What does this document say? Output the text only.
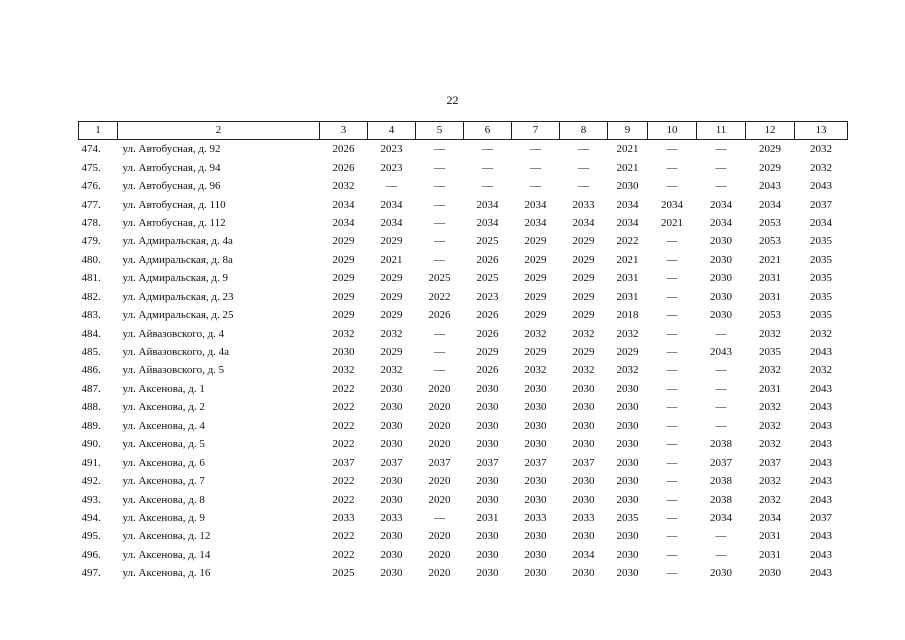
22
1	2	3	4	5	6	7	8	9	10	11	12	13
474.	ул. Автобусная, д. 92	2026	2023	—	—	—	—	2021	—	—	2029	2032
475.	ул. Автобусная, д. 94	2026	2023	—	—	—	—	2021	—	—	2029	2032
476.	ул. Автобусная, д. 96	2032	—	—	—	—	—	2030	—	—	2043	2043
477.	ул. Автобусная, д. 110	2034	2034	—	2034	2034	2033	2034	2034	2034	2034	2037
478.	ул. Автобусная, д. 112	2034	2034	—	2034	2034	2034	2034	2021	2034	2053	2034
479.	ул. Адмиральская, д. 4а	2029	2029	—	2025	2029	2029	2022	—	2030	2053	2035
480.	ул. Адмиральская, д. 8а	2029	2021	—	2026	2029	2029	2021	—	2030	2021	2035
481.	ул. Адмиральская, д. 9	2029	2029	2025	2025	2029	2029	2031	—	2030	2031	2035
482.	ул. Адмиральская, д. 23	2029	2029	2022	2023	2029	2029	2031	—	2030	2031	2035
483.	ул. Адмиральская, д. 25	2029	2029	2026	2026	2029	2029	2018	—	2030	2053	2035
484.	ул. Айвазовского, д. 4	2032	2032	—	2026	2032	2032	2032	—	—	2032	2032
485.	ул. Айвазовского, д. 4а	2030	2029	—	2029	2029	2029	2029	—	2043	2035	2043
486.	ул. Айвазовского, д. 5	2032	2032	—	2026	2032	2032	2032	—	—	2032	2032
487.	ул. Аксенова, д. 1	2022	2030	2020	2030	2030	2030	2030	—	—	2031	2043
488.	ул. Аксенова, д. 2	2022	2030	2020	2030	2030	2030	2030	—	—	2032	2043
489.	ул. Аксенова, д. 4	2022	2030	2020	2030	2030	2030	2030	—	—	2032	2043
490.	ул. Аксенова, д. 5	2022	2030	2020	2030	2030	2030	2030	—	2038	2032	2043
491.	ул. Аксенова, д. 6	2037	2037	2037	2037	2037	2037	2030	—	2037	2037	2043
492.	ул. Аксенова, д. 7	2022	2030	2020	2030	2030	2030	2030	—	2038	2032	2043
493.	ул. Аксенова, д. 8	2022	2030	2020	2030	2030	2030	2030	—	2038	2032	2043
494.	ул. Аксенова, д. 9	2033	2033	—	2031	2033	2033	2035	—	2034	2034	2037
495.	ул. Аксенова, д. 12	2022	2030	2020	2030	2030	2030	2030	—	—	2031	2043
496.	ул. Аксенова, д. 14	2022	2030	2020	2030	2030	2034	2030	—	—	2031	2043
497.	ул. Аксенова, д. 16	2025	2030	2020	2030	2030	2030	2030	—	2030	2030	2043
